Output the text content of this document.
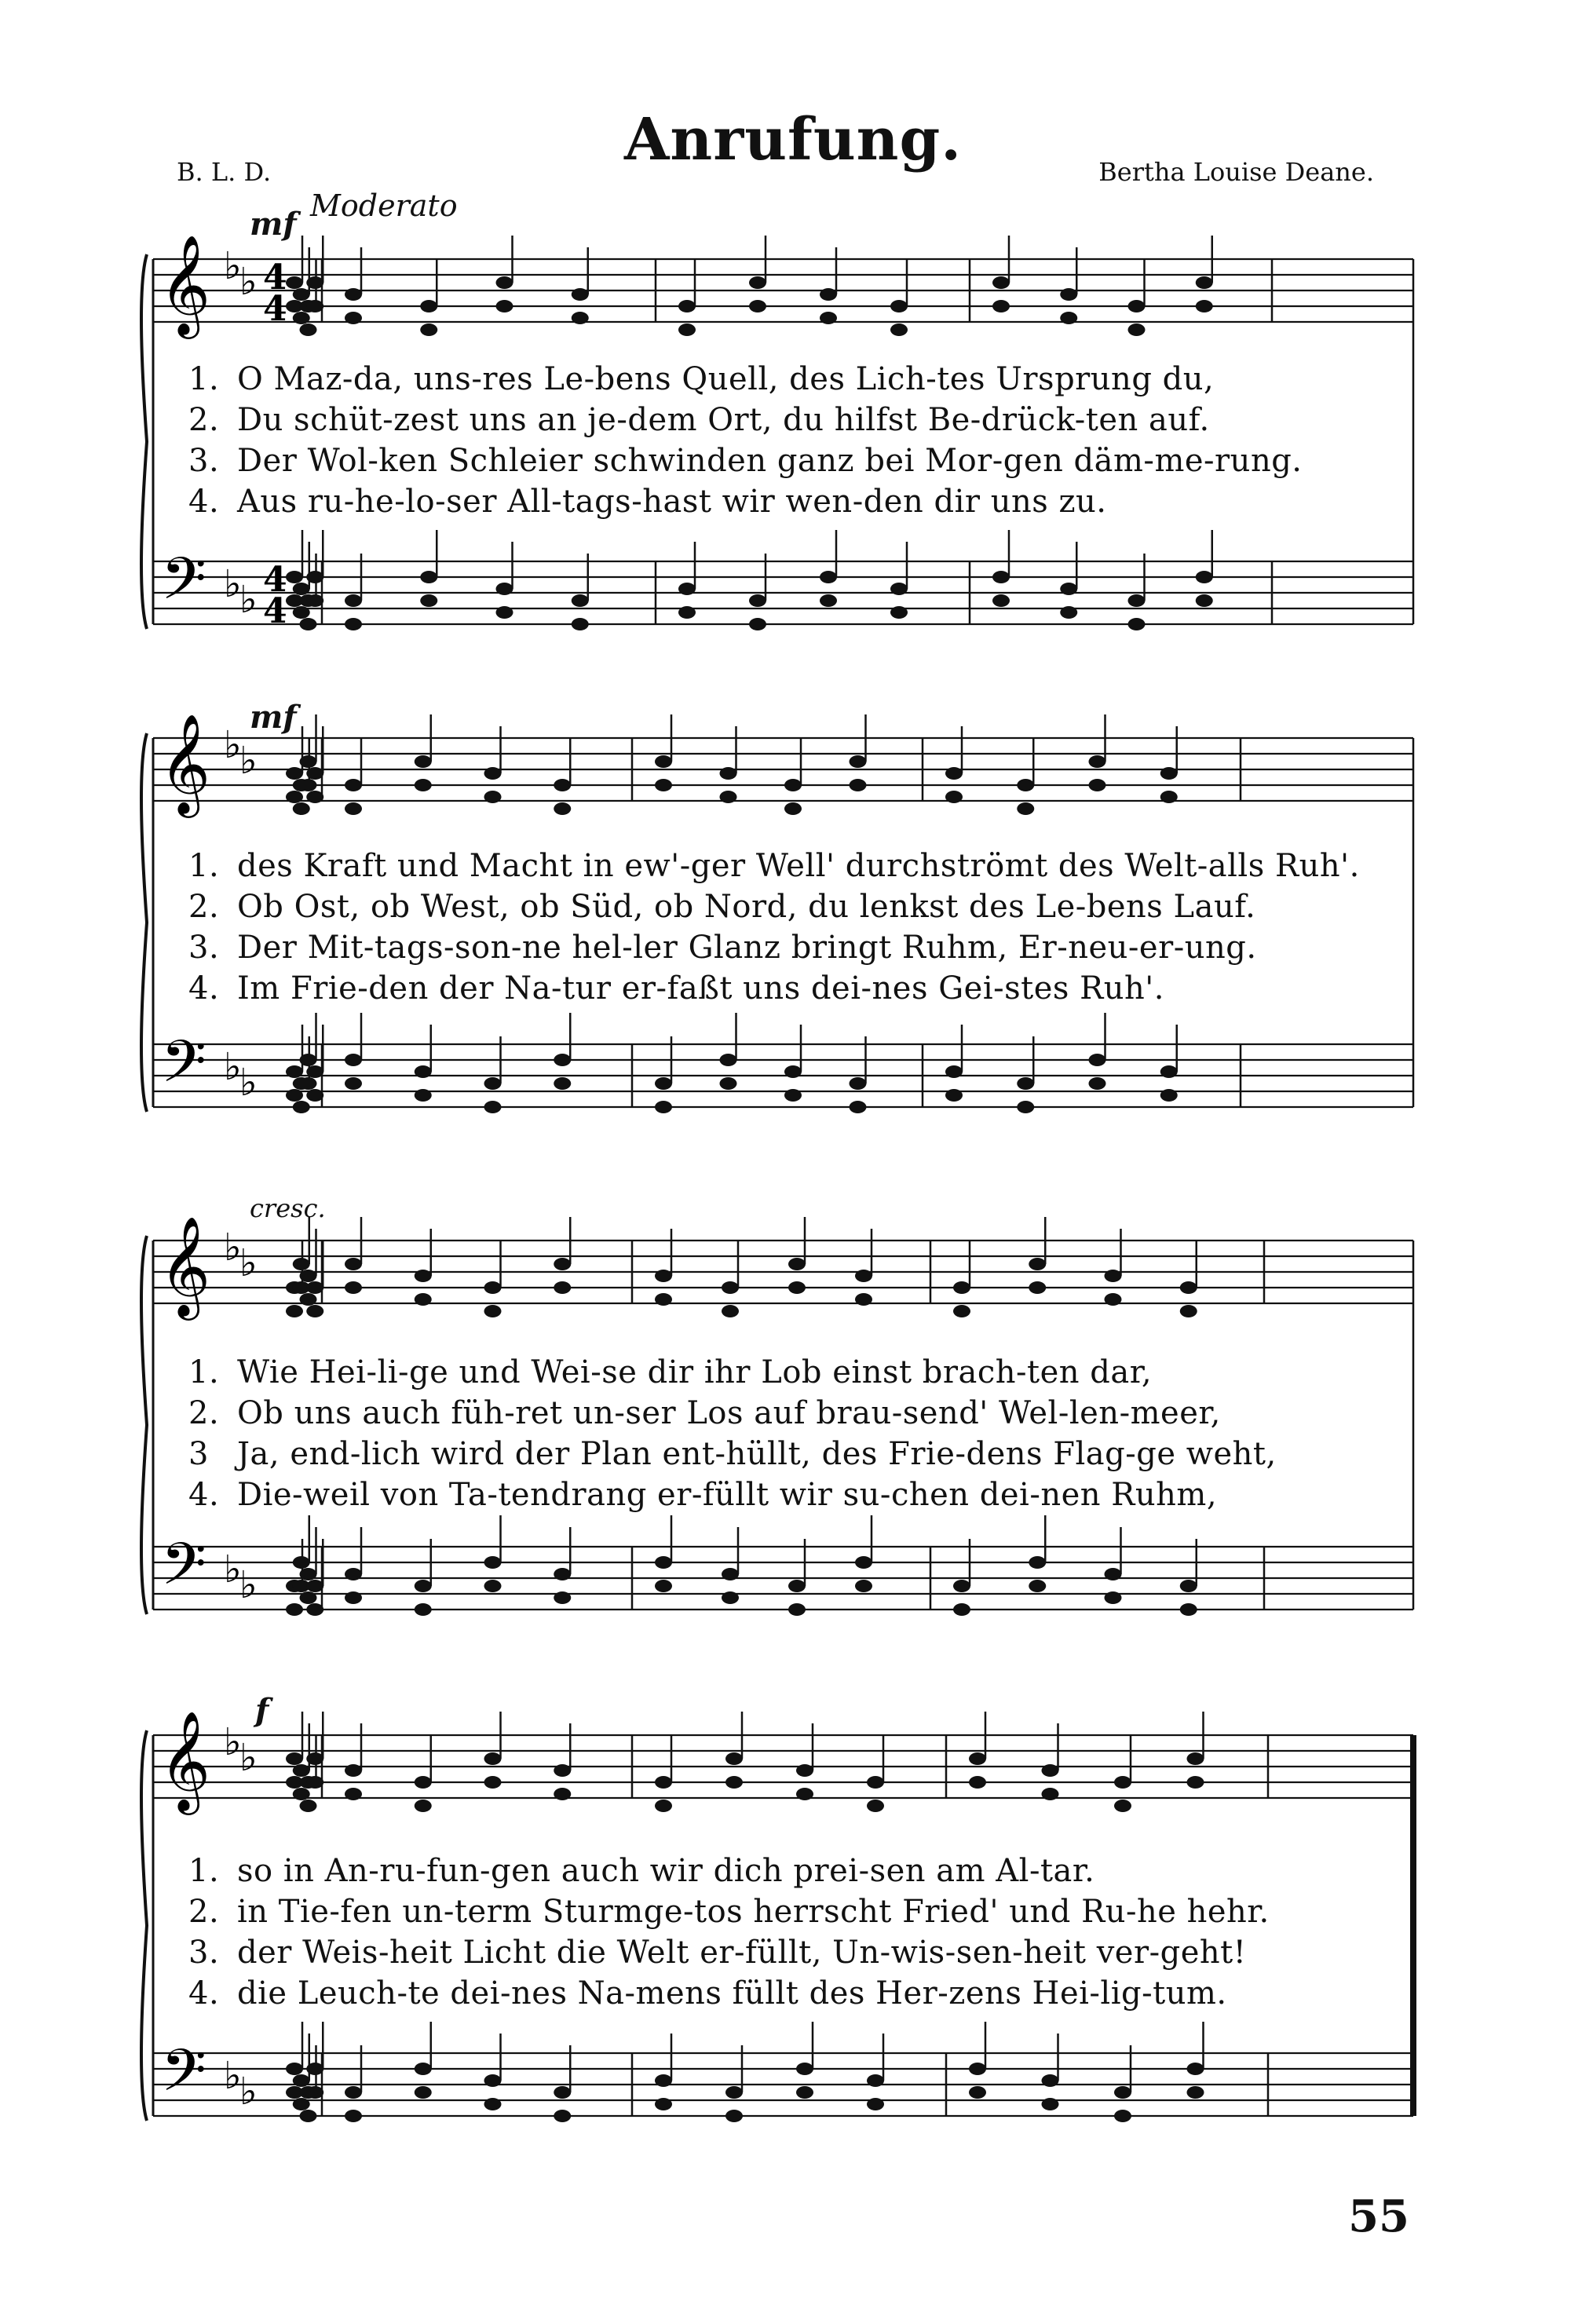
Anrufung.
B. L. D.	Bertha Louise Deane.
Moderato
mf
𝄞
𝄢
♭
♭
♭
♭
4
4
4
4
1. O Maz-da, uns-res Le-bens Quell, des Lich-tes Ursprung du,
2. Du schüt-zest uns an je-dem Ort, du hilfst Be-drück-ten auf.
3. Der Wol-ken Schleier schwinden ganz bei Mor-gen däm-me-rung.
4. Aus ru-he-lo-ser All-tags-hast wir wen-den dir uns zu.
mf
𝄞
𝄢
♭
♭
♭
♭
1. des Kraft und Macht in ew'-ger Well' durchströmt des Welt-alls Ruh'.
2. Ob Ost, ob West, ob Süd, ob Nord, du lenkst des Le-bens Lauf.
3. Der Mit-tags-son-ne hel-ler Glanz bringt Ruhm, Er-neu-er-ung.
4. Im Frie-den der Na-tur er-faßt uns dei-nes Gei-stes Ruh'.
cresc.
𝄞
𝄢
♭
♭
♭
♭
1. Wie Hei-li-ge und Wei-se dir ihr Lob einst brach-ten dar,
2. Ob uns auch füh-ret un-ser Los auf brau-send' Wel-len-meer,
3 Ja, end-lich wird der Plan ent-hüllt, des Frie-dens Flag-ge weht,
4. Die-weil von Ta-tendrang er-füllt wir su-chen dei-nen Ruhm,
f
𝄞
𝄢
♭
♭
♭
♭
1. so in An-ru-fun-gen auch wir dich prei-sen am Al-tar.
2. in Tie-fen un-term Sturmge-tos herrscht Fried' und Ru-he hehr.
3. der Weis-heit Licht die Welt er-füllt, Un-wis-sen-heit ver-geht!
4. die Leuch-te dei-nes Na-mens füllt des Her-zens Hei-lig-tum.
55
